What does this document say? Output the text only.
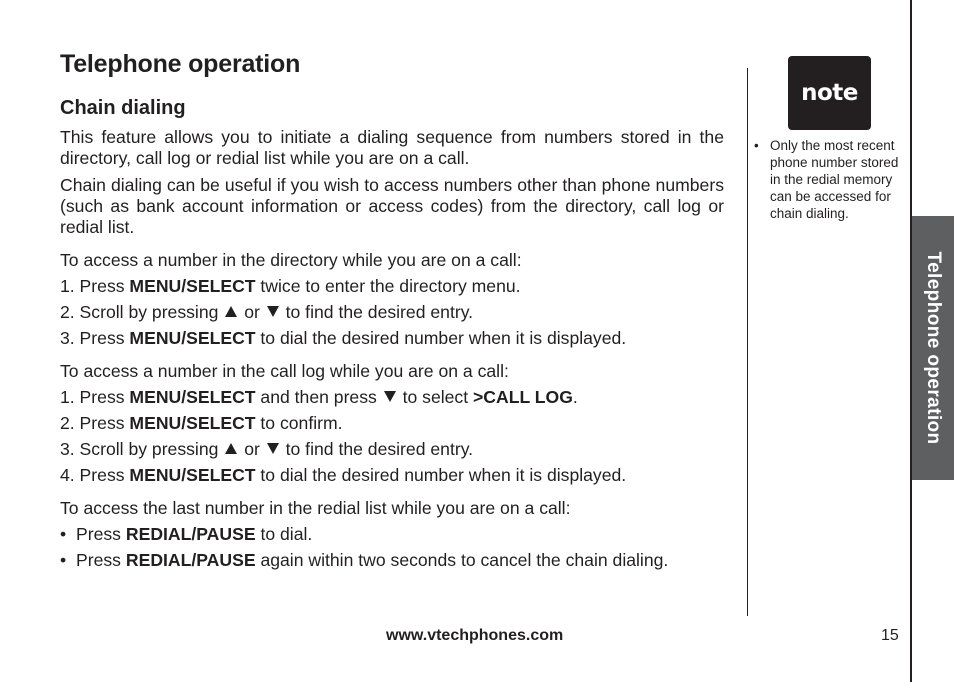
Telephone operation
Chain dialing

This feature allows you to initiate a dialing sequence from numbers stored in the directory, call log or redial list while you are on a call.

Chain dialing can be useful if you wish to access numbers other than phone numbers (such as bank account information or access codes) from the directory, call log or redial list.

To access a number in the directory while you are on a call:
1. Press MENU/SELECT twice to enter the directory menu.
2. Scroll by pressing  or  to find the desired entry.
3. Press MENU/SELECT to dial the desired number when it is displayed.
To access a number in the call log while you are on a call:
1. Press MENU/SELECT and then press  to select >CALL LOG.
2. Press MENU/SELECT to confirm.
3. Scroll by pressing  or  to find the desired entry.
4. Press MENU/SELECT to dial the desired number when it is displayed.
To access the last number in the redial list while you are on a call:
• Press REDIAL/PAUSE to dial.
• Press REDIAL/PAUSE again within two seconds to cancel the chain dialing.
note
• Only the most recent phone number stored in the redial memory can be accessed for chain dialing.
Telephone operation
www.vtechphones.com	15
